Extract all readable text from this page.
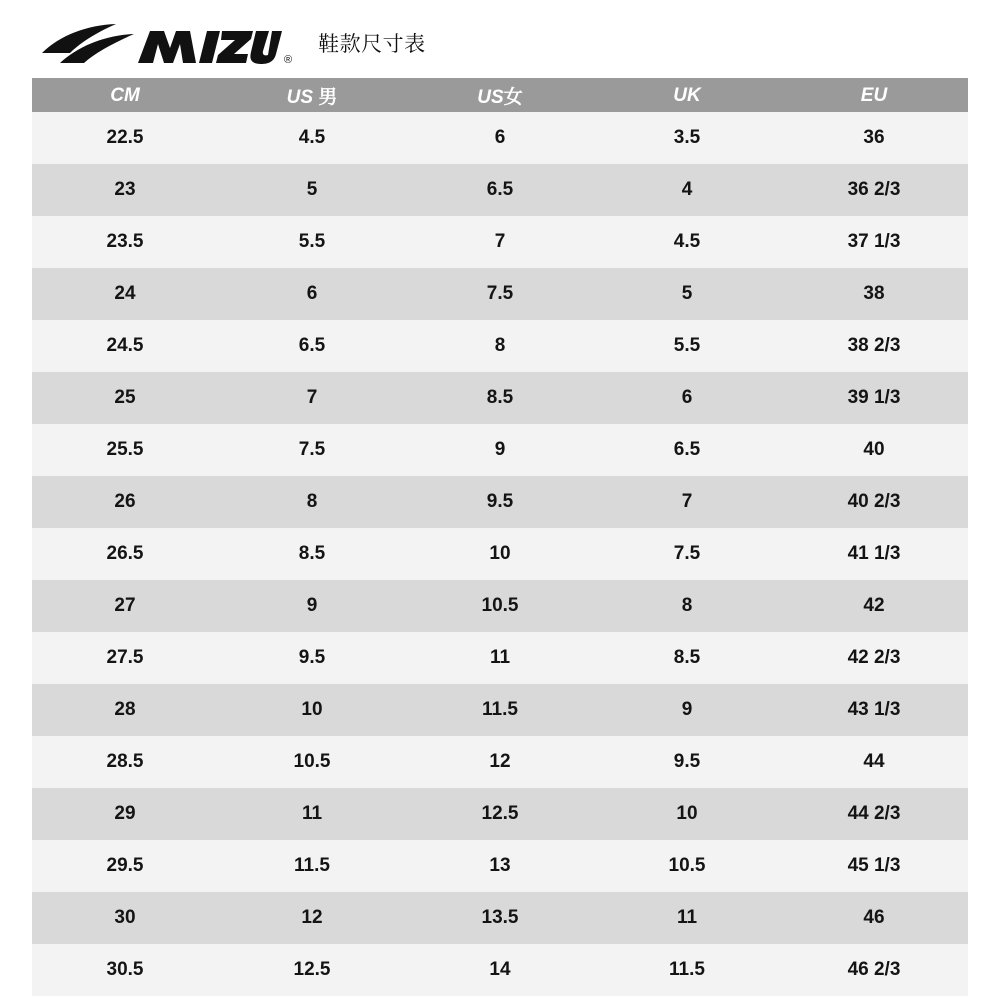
®
鞋款尺寸表
CM	US 男	US女	UK	EU
22.5	4.5	6	3.5	36
23	5	6.5	4	36 2/3
23.5	5.5	7	4.5	37 1/3
24	6	7.5	5	38
24.5	6.5	8	5.5	38 2/3
25	7	8.5	6	39 1/3
25.5	7.5	9	6.5	40
26	8	9.5	7	40 2/3
26.5	8.5	10	7.5	41 1/3
27	9	10.5	8	42
27.5	9.5	11	8.5	42 2/3
28	10	11.5	9	43 1/3
28.5	10.5	12	9.5	44
29	11	12.5	10	44 2/3
29.5	11.5	13	10.5	45 1/3
30	12	13.5	11	46
30.5	12.5	14	11.5	46 2/3
